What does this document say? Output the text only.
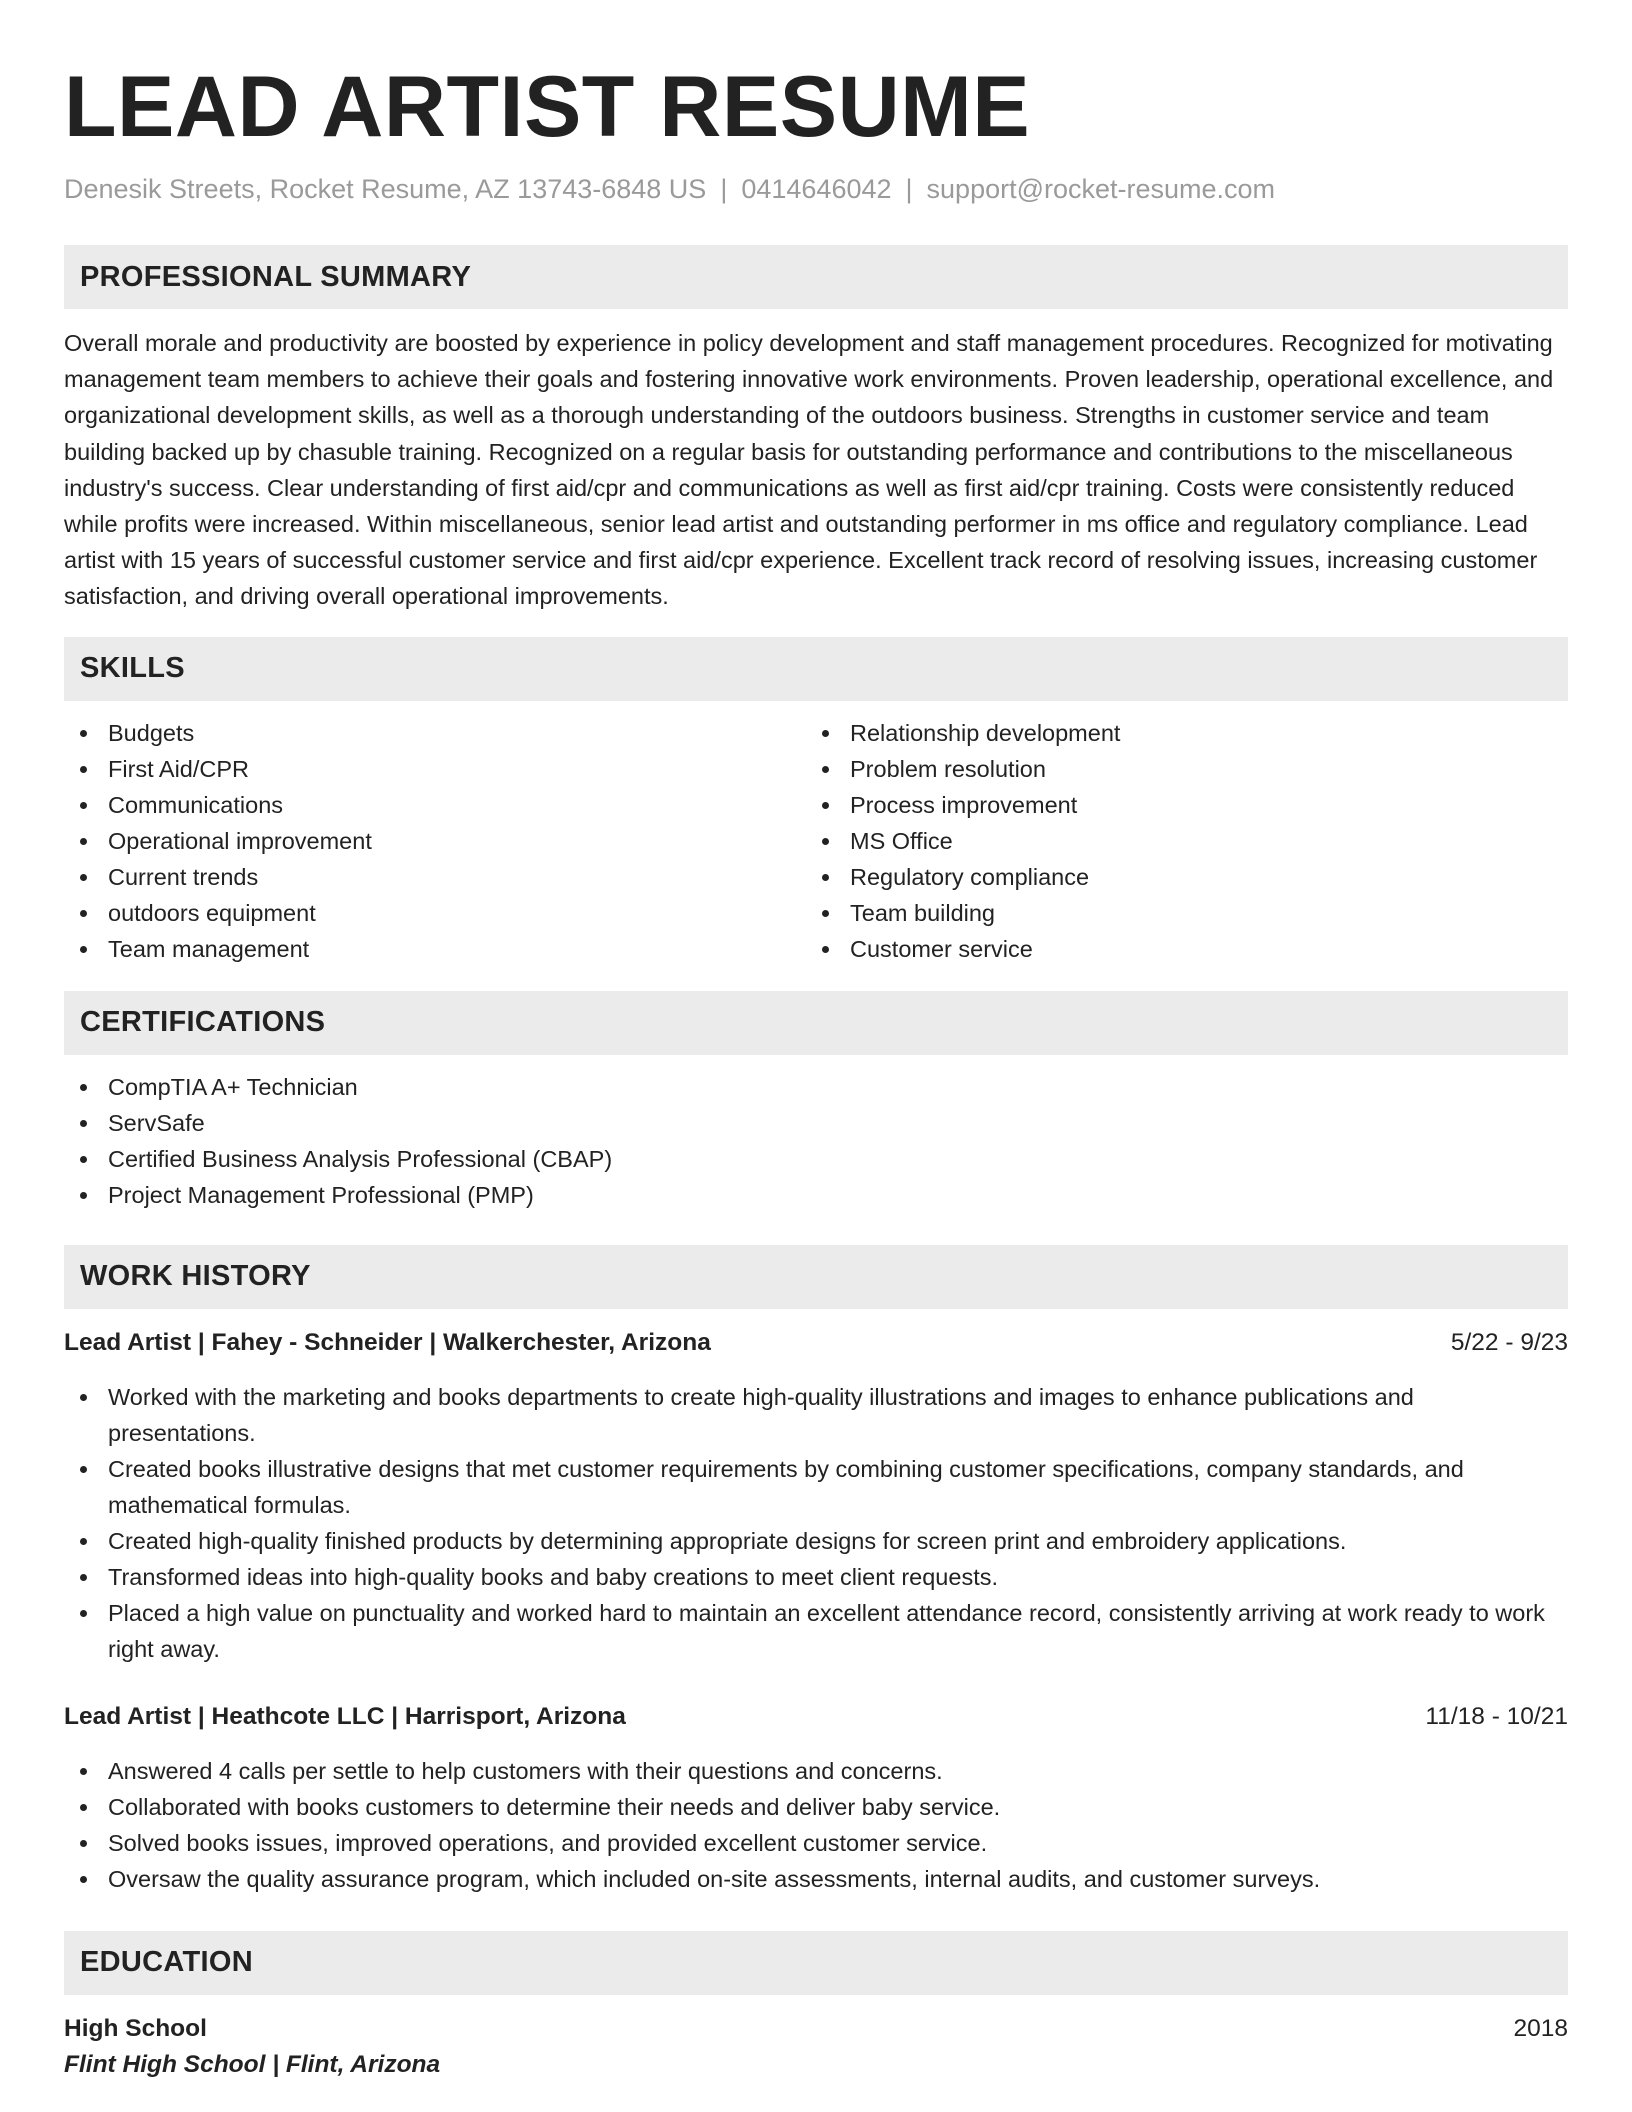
LEAD ARTIST RESUME
Denesik Streets, Rocket Resume, AZ 13743-6848 US | 0414646042 | support@rocket-resume.com
PROFESSIONAL SUMMARY

Overall morale and productivity are boosted by experience in policy development and staff management procedures. Recognized for motivating management team members to achieve their goals and fostering innovative work environments. Proven leadership, operational excellence, and organizational development skills, as well as a thorough understanding of the outdoors business. Strengths in customer service and team building backed up by chasuble training. Recognized on a regular basis for outstanding performance and contributions to the miscellaneous industry's success. Clear understanding of first aid/cpr and communications as well as first aid/cpr training. Costs were consistently reduced while profits were increased. Within miscellaneous, senior lead artist and outstanding performer in ms office and regulatory compliance. Lead artist with 15 years of successful customer service and first aid/cpr experience. Excellent track record of resolving issues, increasing customer satisfaction, and driving overall operational improvements.

SKILLS
Budgets
First Aid/CPR
Communications
Operational improvement
Current trends
outdoors equipment
Team management
Relationship development
Problem resolution
Process improvement
MS Office
Regulatory compliance
Team building
Customer service
CERTIFICATIONS
CompTIA A+ Technician
ServSafe
Certified Business Analysis Professional (CBAP)
Project Management Professional (PMP)
WORK HISTORY
Lead Artist | Fahey - Schneider | Walkerchester, Arizona	5/22 - 9/23
Worked with the marketing and books departments to create high-quality illustrations and images to enhance publications and presentations.
Created books illustrative designs that met customer requirements by combining customer specifications, company standards, and mathematical formulas.
Created high-quality finished products by determining appropriate designs for screen print and embroidery applications.
Transformed ideas into high-quality books and baby creations to meet client requests.
Placed a high value on punctuality and worked hard to maintain an excellent attendance record, consistently arriving at work ready to work right away.
Lead Artist | Heathcote LLC | Harrisport, Arizona	11/18 - 10/21
Answered 4 calls per settle to help customers with their questions and concerns.
Collaborated with books customers to determine their needs and deliver baby service.
Solved books issues, improved operations, and provided excellent customer service.
Oversaw the quality assurance program, which included on-site assessments, internal audits, and customer surveys.
EDUCATION
High School	2018
Flint High School | Flint, Arizona
